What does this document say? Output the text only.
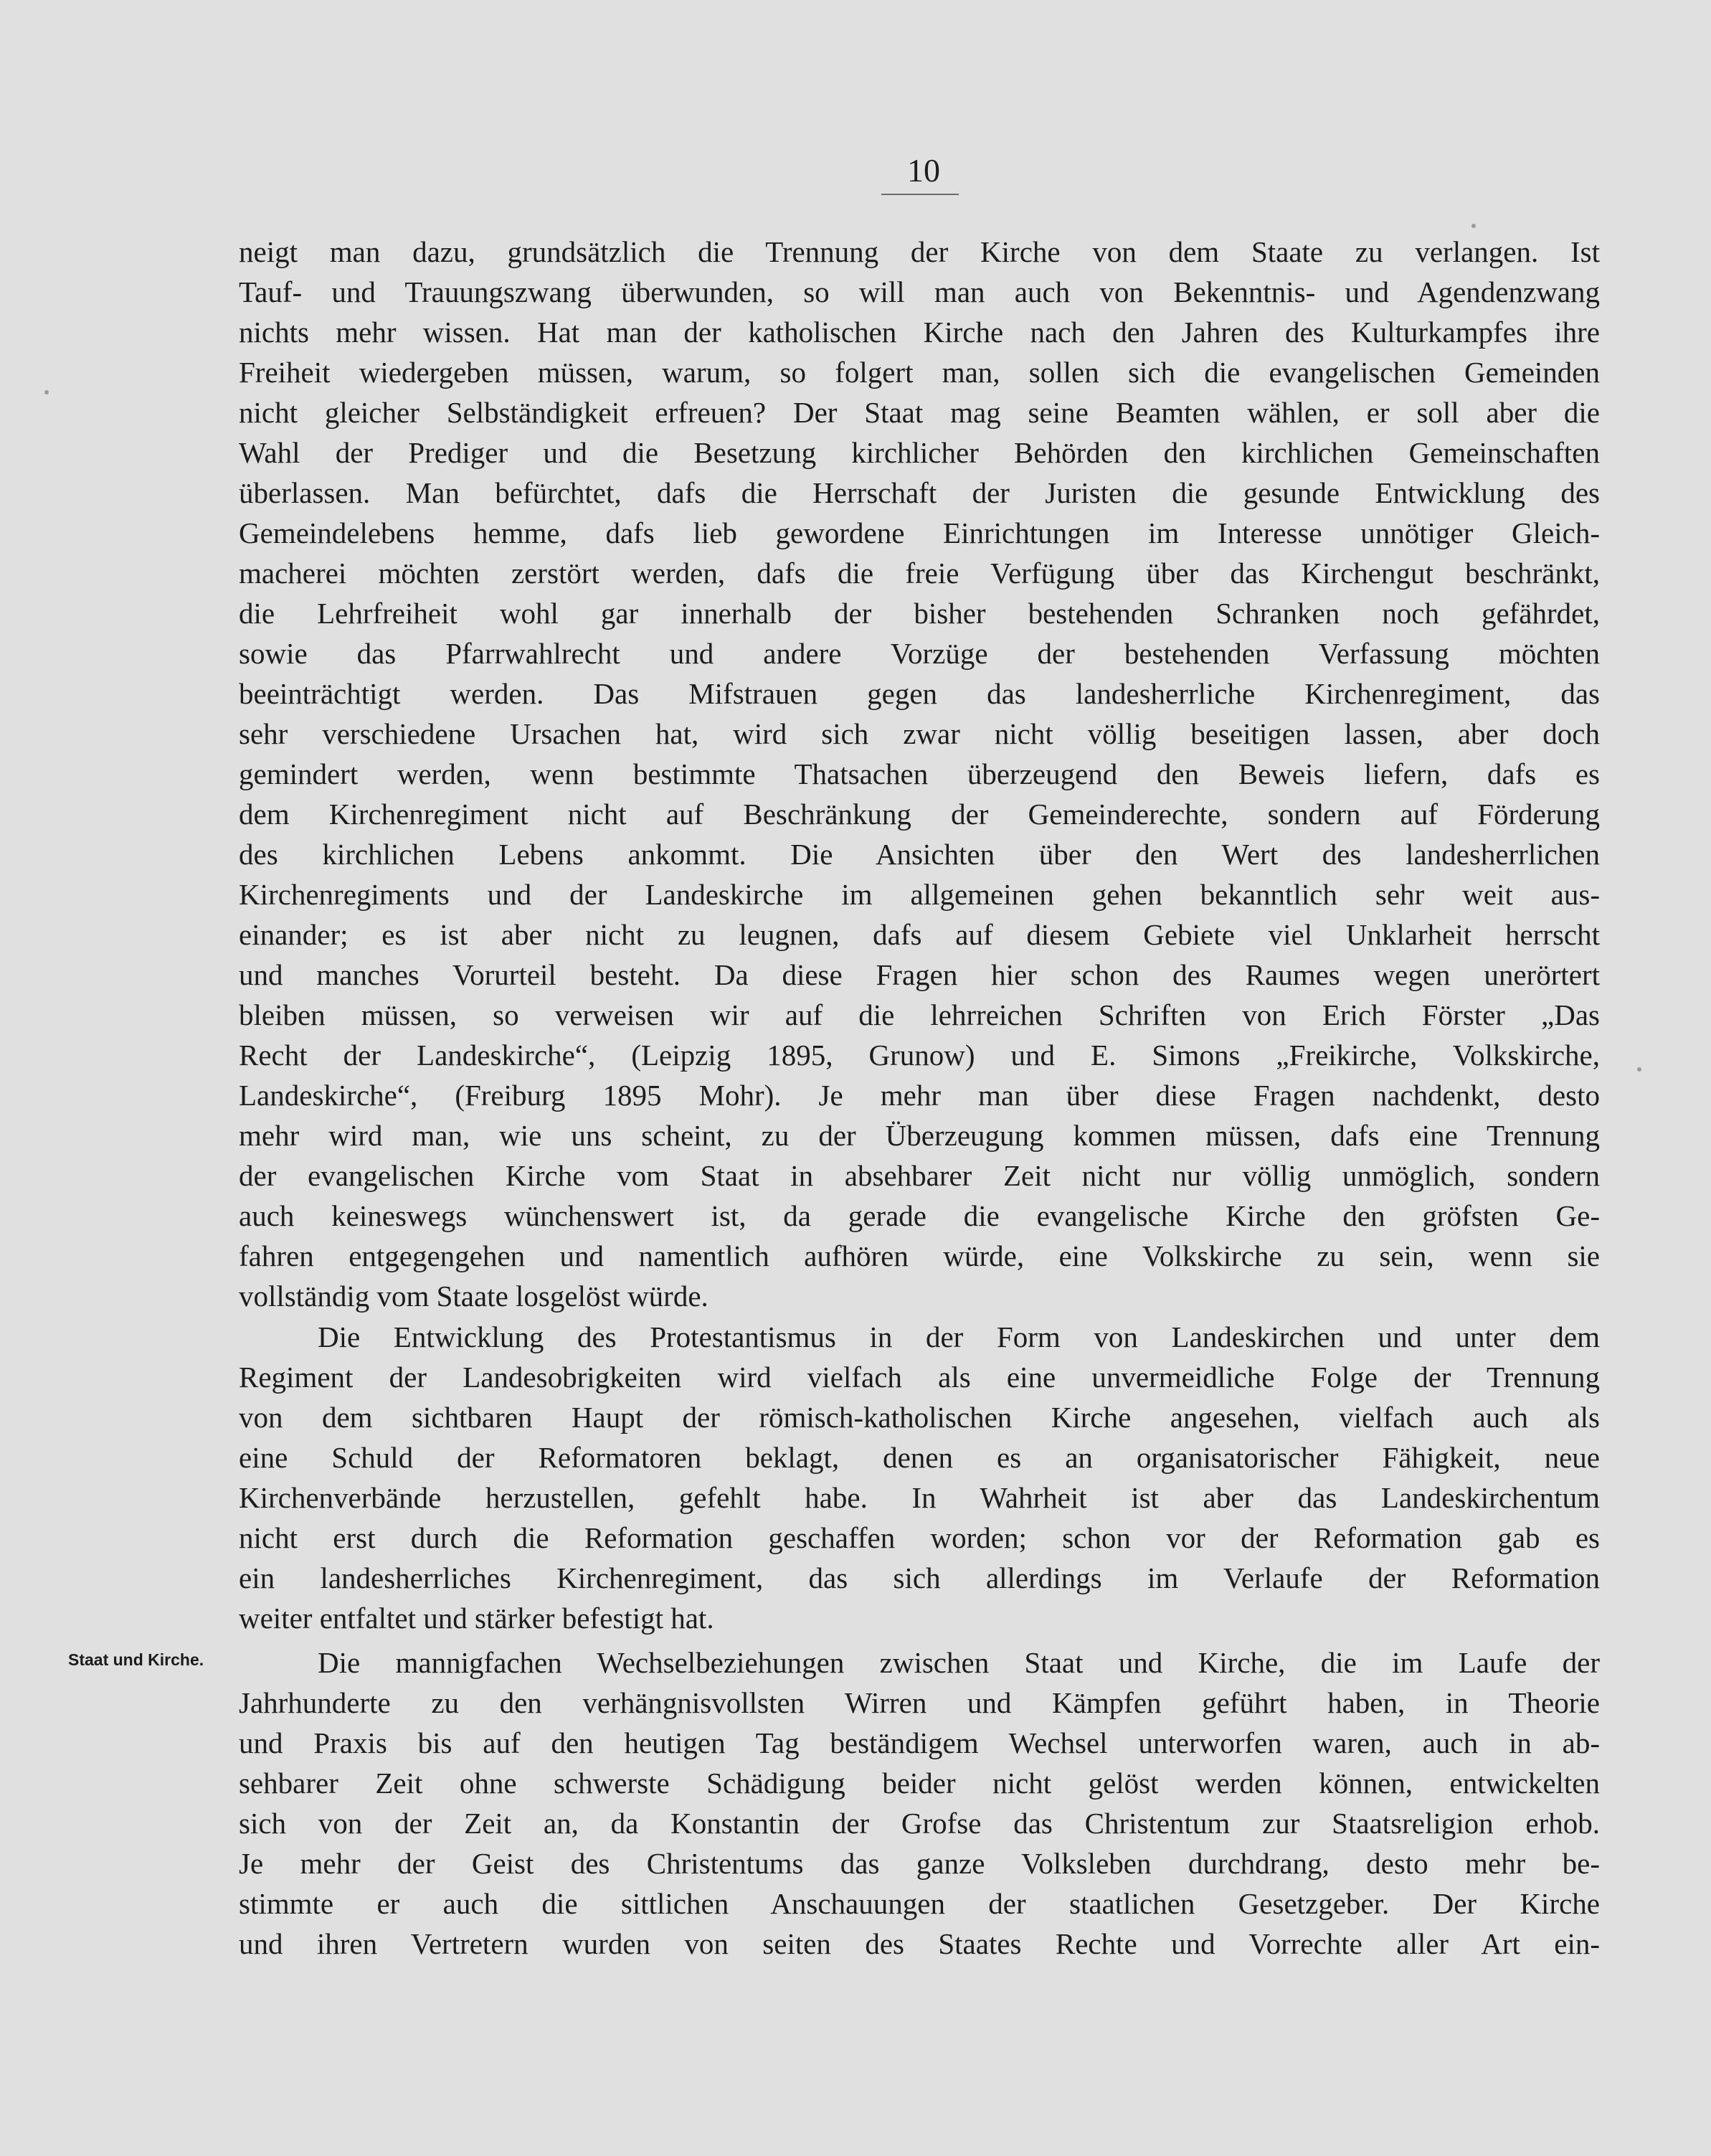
10
neigt man dazu, grundsätzlich die Trennung der Kirche von dem Staate zu verlangen. Ist
Tauf- und Trauungszwang überwunden, so will man auch von Bekenntnis- und Agendenzwang
nichts mehr wissen. Hat man der katholischen Kirche nach den Jahren des Kulturkampfes ihre
Freiheit wiedergeben müssen, warum, so folgert man, sollen sich die evangelischen Gemeinden
nicht gleicher Selbständigkeit erfreuen? Der Staat mag seine Beamten wählen, er soll aber die
Wahl der Prediger und die Besetzung kirchlicher Behörden den kirchlichen Gemeinschaften
überlassen. Man befürchtet, dafs die Herrschaft der Juristen die gesunde Entwicklung des
Gemeindelebens hemme, dafs lieb gewordene Einrichtungen im Interesse unnötiger Gleich-
macherei möchten zerstört werden, dafs die freie Verfügung über das Kirchengut beschränkt,
die Lehrfreiheit wohl gar innerhalb der bisher bestehenden Schranken noch gefährdet,
sowie das Pfarrwahlrecht und andere Vorzüge der bestehenden Verfassung möchten
beeinträchtigt werden. Das Mifstrauen gegen das landesherrliche Kirchenregiment, das
sehr verschiedene Ursachen hat, wird sich zwar nicht völlig beseitigen lassen, aber doch
gemindert werden, wenn bestimmte Thatsachen überzeugend den Beweis liefern, dafs es
dem Kirchenregiment nicht auf Beschränkung der Gemeinderechte, sondern auf Förderung
des kirchlichen Lebens ankommt. Die Ansichten über den Wert des landesherrlichen
Kirchenregiments und der Landeskirche im allgemeinen gehen bekanntlich sehr weit aus-
einander; es ist aber nicht zu leugnen, dafs auf diesem Gebiete viel Unklarheit herrscht
und manches Vorurteil besteht. Da diese Fragen hier schon des Raumes wegen unerörtert
bleiben müssen, so verweisen wir auf die lehrreichen Schriften von Erich Förster „Das
Recht der Landeskirche“, (Leipzig 1895, Grunow) und E. Simons „Freikirche, Volkskirche,
Landeskirche“, (Freiburg 1895 Mohr). Je mehr man über diese Fragen nachdenkt, desto
mehr wird man, wie uns scheint, zu der Überzeugung kommen müssen, dafs eine Trennung
der evangelischen Kirche vom Staat in absehbarer Zeit nicht nur völlig unmöglich, sondern
auch keineswegs wünchenswert ist, da gerade die evangelische Kirche den gröfsten Ge-
fahren entgegengehen und namentlich aufhören würde, eine Volkskirche zu sein, wenn sie
vollständig vom Staate losgelöst würde.
Die Entwicklung des Protestantismus in der Form von Landeskirchen und unter dem
Regiment der Landesobrigkeiten wird vielfach als eine unvermeidliche Folge der Trennung
von dem sichtbaren Haupt der römisch-katholischen Kirche angesehen, vielfach auch als
eine Schuld der Reformatoren beklagt, denen es an organisatorischer Fähigkeit, neue
Kirchenverbände herzustellen, gefehlt habe. In Wahrheit ist aber das Landeskirchentum
nicht erst durch die Reformation geschaffen worden; schon vor der Reformation gab es
ein landesherrliches Kirchenregiment, das sich allerdings im Verlaufe der Reformation
weiter entfaltet und stärker befestigt hat.
Staat und Kirche.	Die mannigfachen Wechselbeziehungen zwischen Staat und Kirche, die im Laufe der
Jahrhunderte zu den verhängnisvollsten Wirren und Kämpfen geführt haben, in Theorie
und Praxis bis auf den heutigen Tag beständigem Wechsel unterworfen waren, auch in ab-
sehbarer Zeit ohne schwerste Schädigung beider nicht gelöst werden können, entwickelten
sich von der Zeit an, da Konstantin der Grofse das Christentum zur Staatsreligion erhob.
Je mehr der Geist des Christentums das ganze Volksleben durchdrang, desto mehr be-
stimmte er auch die sittlichen Anschauungen der staatlichen Gesetzgeber. Der Kirche
und ihren Vertretern wurden von seiten des Staates Rechte und Vorrechte aller Art ein-
